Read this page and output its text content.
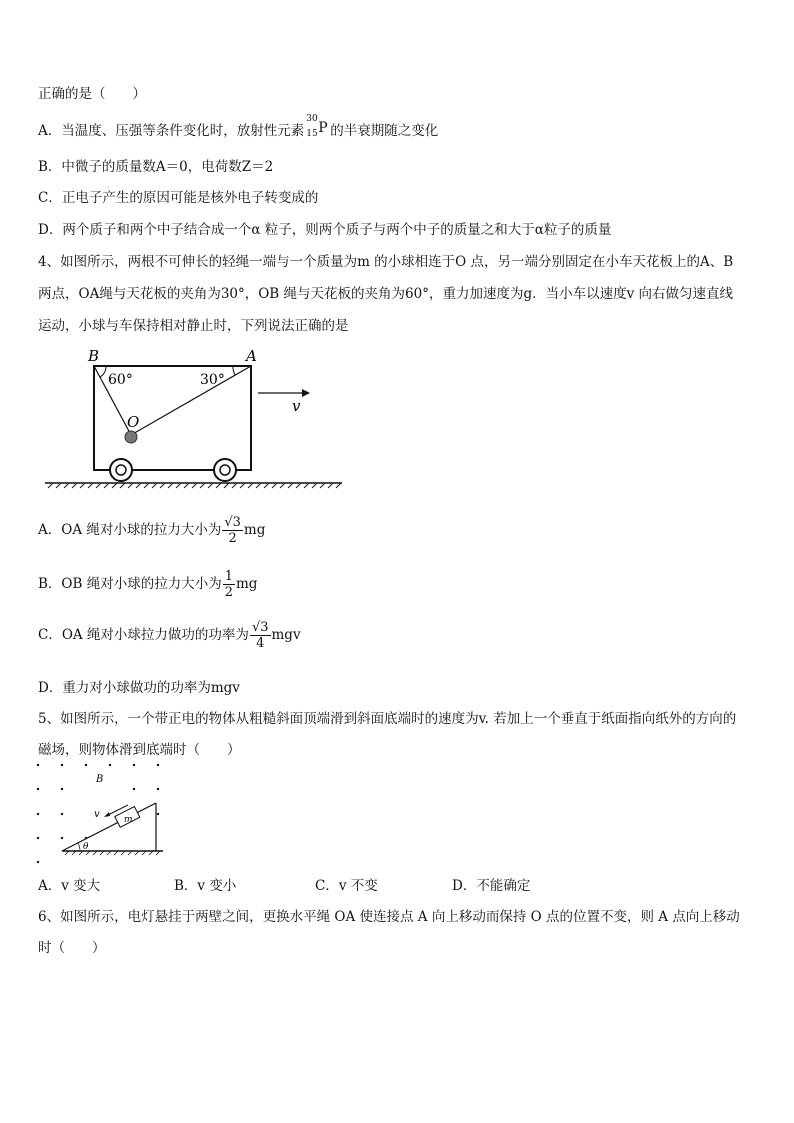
正确的是（　　）
A．当温度、压强等条件变化时，放射性元素
30
15 P 的半衰期随之变化
B．中微子的质量数A＝0，电荷数Z＝2
C．正电子产生的原因可能是核外电子转变成的
D．两个质子和两个中子结合成一个α 粒子，则两个质子与两个中子的质量之和大于α粒子的质量
4、如图所示，两根不可伸长的轻绳一端与一个质量为m 的小球相连于O 点，另一端分别固定在小车天花板上的A、B
两点，OA绳与天花板的夹角为30°，OB 绳与天花板的夹角为60°，重力加速度为g．当小车以速度v 向右做匀速直线
运动，小球与车保持相对静止时，下列说法正确的是
B	A
60°	30°
O
v
A．OA 绳对小球的拉力大小为 $\frac{√3}{2}$ mg
B．OB 绳对小球的拉力大小为 $\frac{1}{2}$ mg
C．OA 绳对小球拉力做功的功率为 $\frac{√3}{4}$ mgv
D．重力对小球做功的功率为mgv
5、如图所示，一个带正电的物体从粗糙斜面顶端滑到斜面底端时的速度为v. 若加上一个垂直于纸面指向纸外的方向的
磁场，则物体滑到底端时（　　）
B
v	m
θ
A．v 变大	B．v 变小	C．v 不变	D．不能确定
6、如图所示，电灯悬挂于两壁之间，更换水平绳 OA 使连接点 A 向上移动而保持 O 点的位置不变，则 A 点向上移动
时（　　）
